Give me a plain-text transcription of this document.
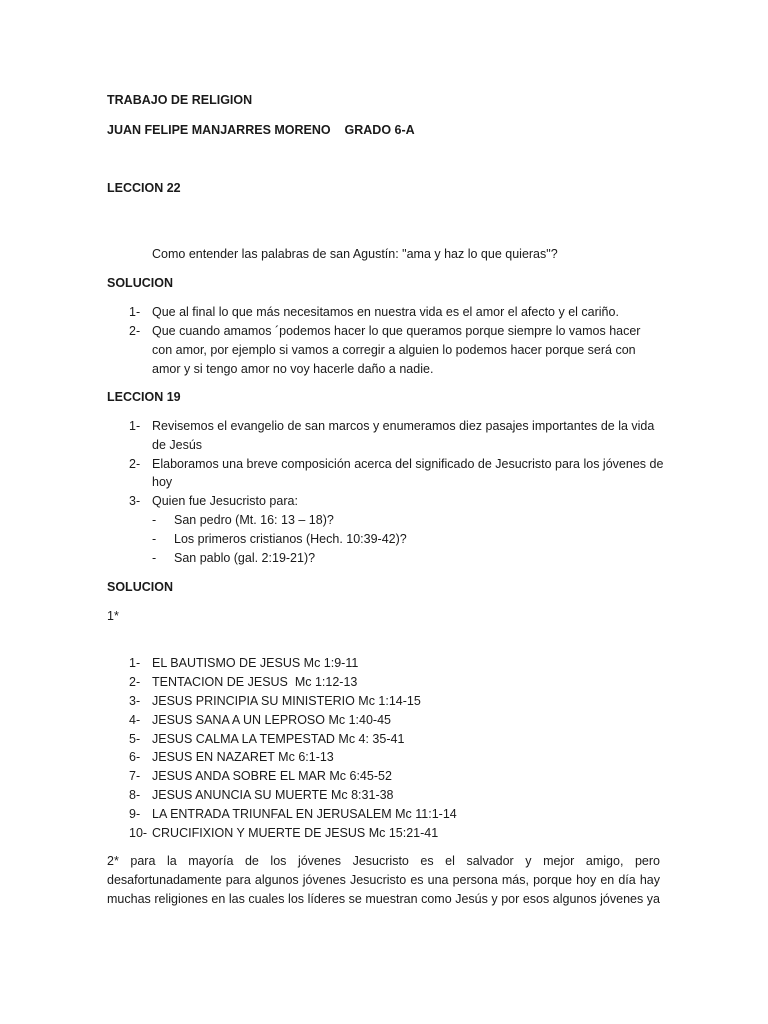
TRABAJO DE RELIGION
JUAN FELIPE MANJARRES MORENO    GRADO 6-A
LECCION 22
Como entender las palabras de san Agustín: "ama y haz lo que quieras"?
SOLUCION
1- Que al final lo que más necesitamos en nuestra vida es el amor el afecto y el cariño.
2- Que cuando amamos ´podemos hacer lo que queramos porque siempre lo vamos hacer
con amor, por ejemplo si vamos a corregir a alguien lo podemos hacer porque será con
amor y si tengo amor no voy hacerle daño a nadie.
LECCION 19
1- Revisemos el evangelio de san marcos y enumeramos diez pasajes importantes de la vida
de Jesús
2- Elaboramos una breve composición acerca del significado de Jesucristo para los jóvenes de
hoy
3- Quien fue Jesucristo para:
- San pedro (Mt. 16: 13 – 18)?
- Los primeros cristianos (Hech. 10:39-42)?
- San pablo (gal. 2:19-21)?
SOLUCION
1*
1- EL BAUTISMO DE JESUS Mc 1:9-11
2- TENTACION DE JESUS  Mc 1:12-13
3- JESUS PRINCIPIA SU MINISTERIO Mc 1:14-15
4- JESUS SANA A UN LEPROSO Mc 1:40-45
5- JESUS CALMA LA TEMPESTAD Mc 4: 35-41
6- JESUS EN NAZARET Mc 6:1-13
7- JESUS ANDA SOBRE EL MAR Mc 6:45-52
8- JESUS ANUNCIA SU MUERTE Mc 8:31-38
9- LA ENTRADA TRIUNFAL EN JERUSALEM Mc 11:1-14
10- CRUCIFIXION Y MUERTE DE JESUS Mc 15:21-41
2* para la mayoría de los jóvenes Jesucristo es el salvador y mejor amigo, pero
desafortunadamente para algunos jóvenes Jesucristo es una persona más, porque hoy en día hay
muchas religiones en las cuales los líderes se muestran como Jesús y por esos algunos jóvenes ya
